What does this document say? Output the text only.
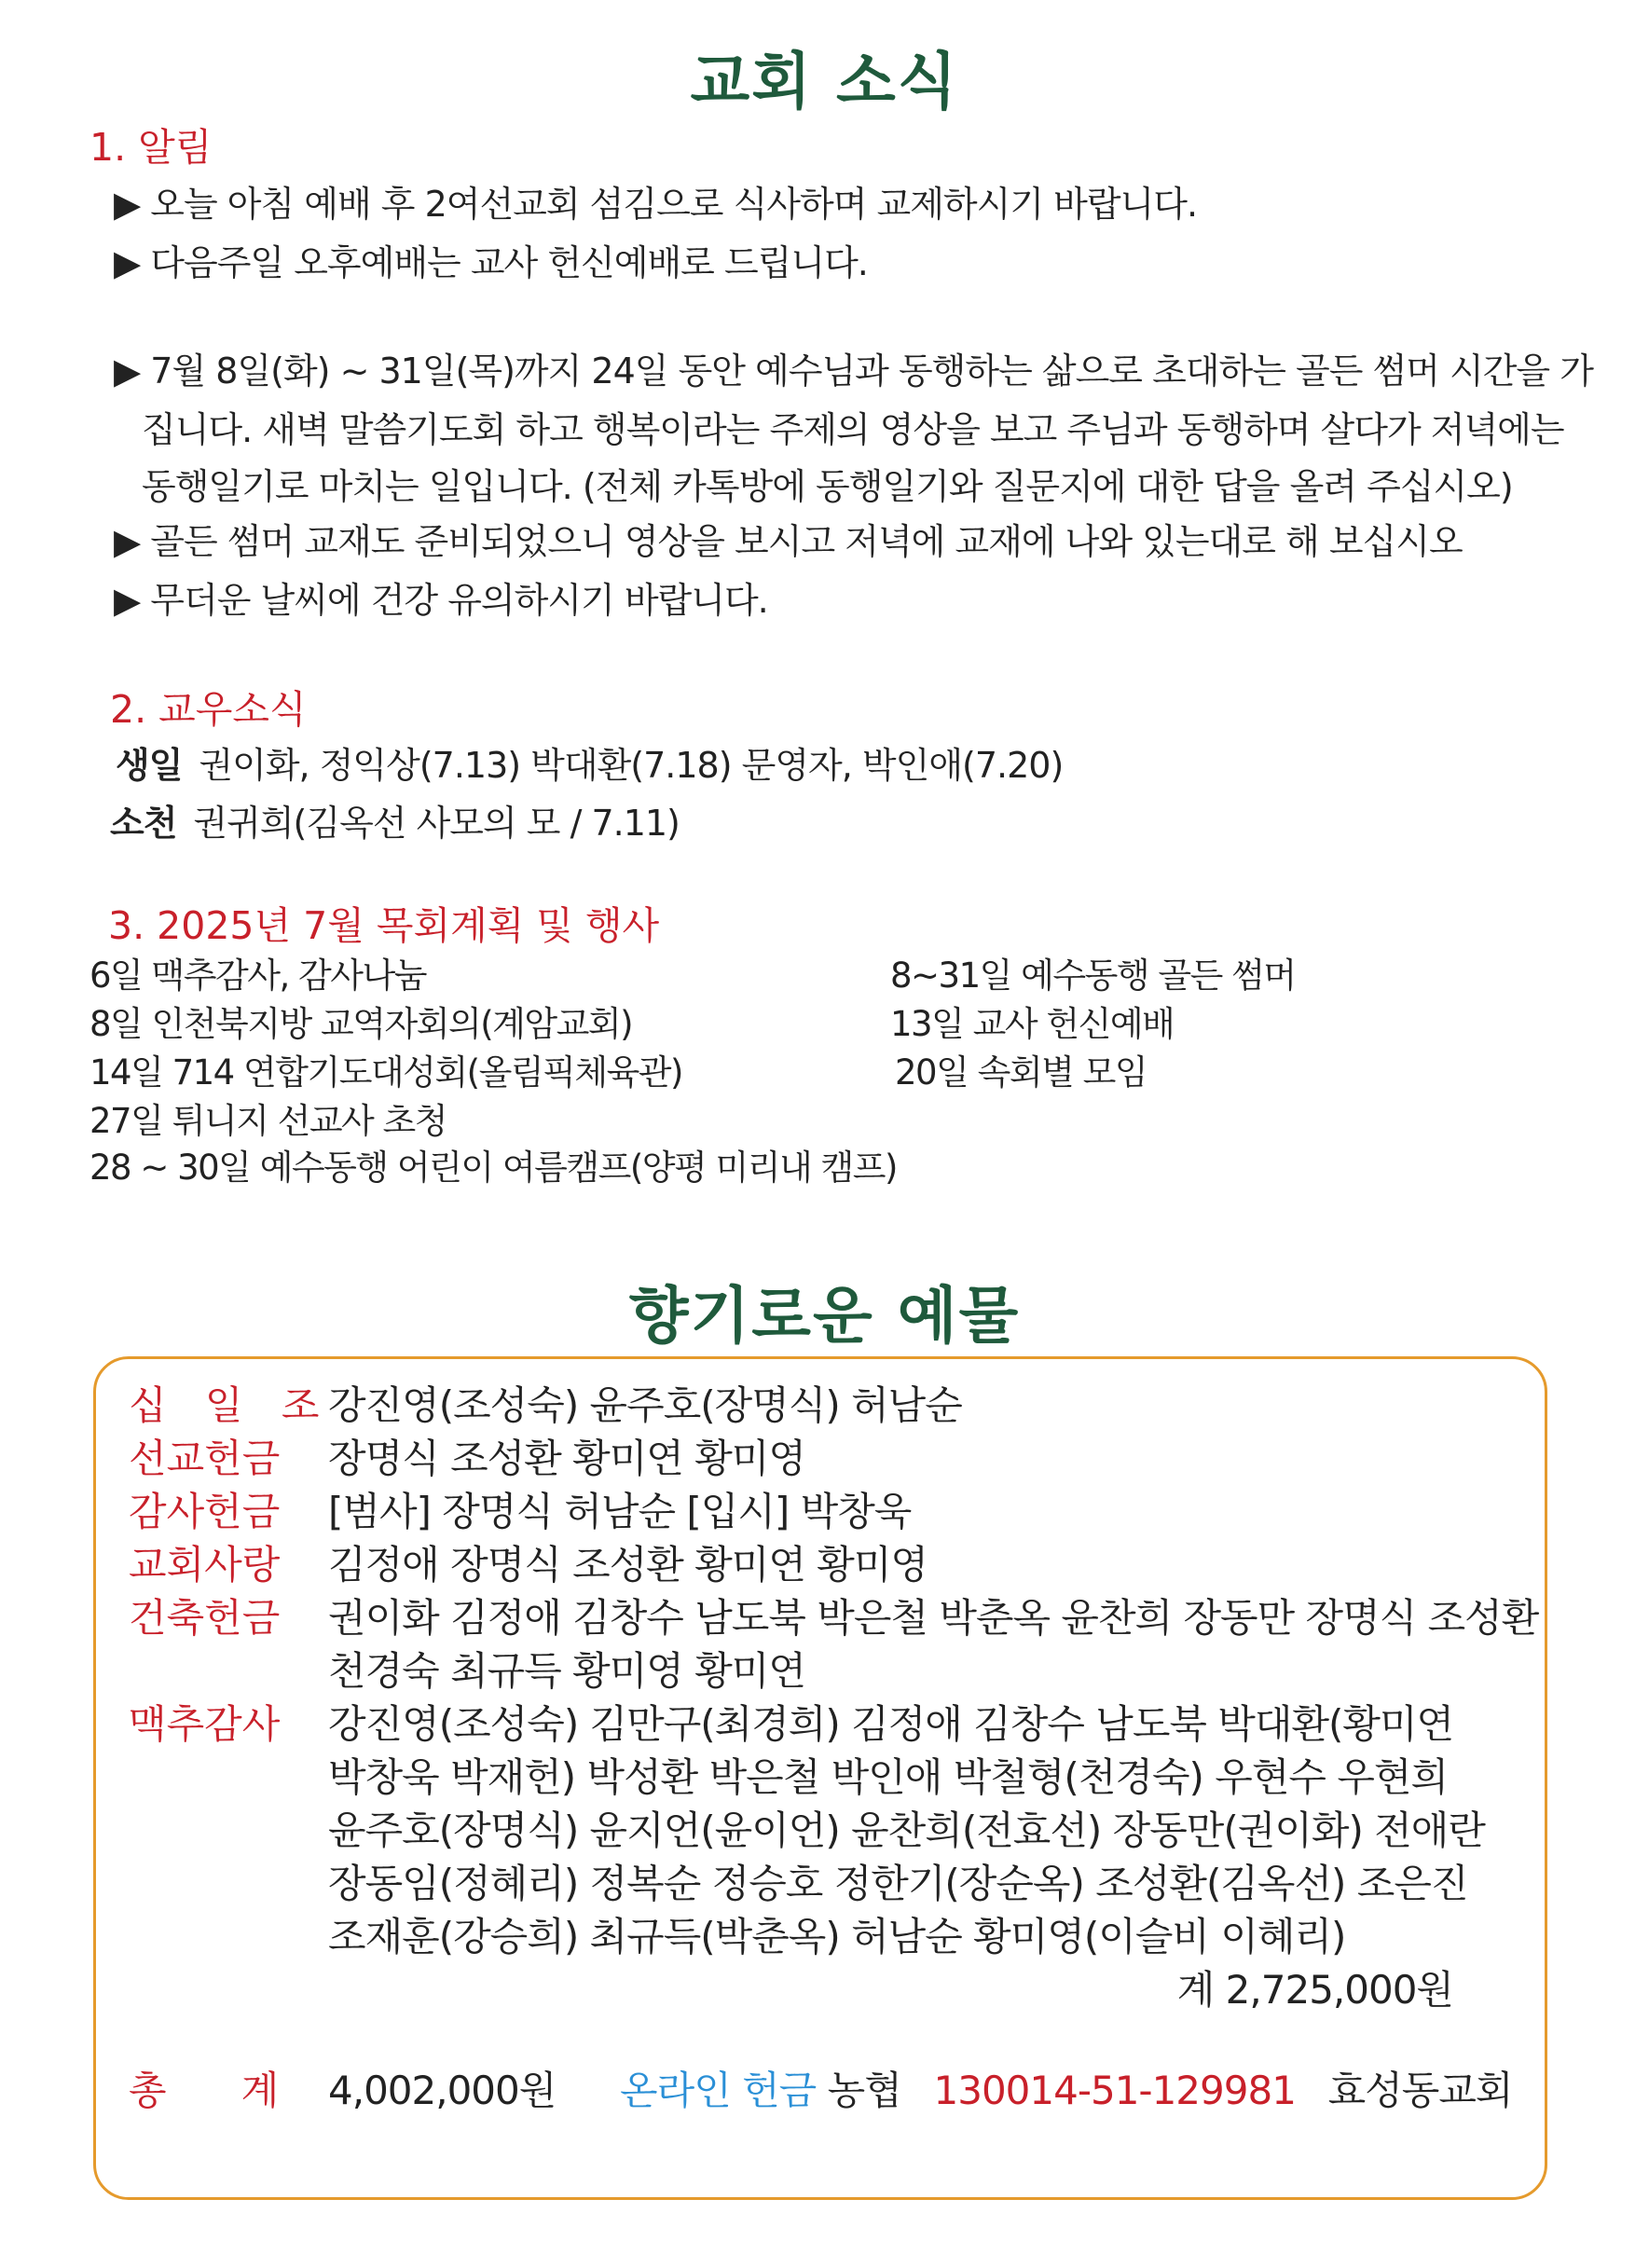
교회 소식
1. 알림
▶ 오늘 아침 예배 후 2여선교회 섬김으로 식사하며 교제하시기 바랍니다.
▶ 다음주일 오후예배는 교사 헌신예배로 드립니다.
▶ 7월 8일(화) ~ 31일(목)까지 24일 동안 예수님과 동행하는 삶으로 초대하는 골든 썸머 시간을 가
집니다. 새벽 말씀기도회 하고 행복이라는 주제의 영상을 보고 주님과 동행하며 살다가 저녁에는
동행일기로 마치는 일입니다. (전체 카톡방에 동행일기와 질문지에 대한 답을 올려 주십시오)
▶ 골든 썸머 교재도 준비되었으니 영상을 보시고 저녁에 교재에 나와 있는대로 해 보십시오
▶ 무더운 날씨에 건강 유의하시기 바랍니다.
2. 교우소식
생일 권이화, 정익상(7.13) 박대환(7.18) 문영자, 박인애(7.20)
소천 권귀희(김옥선 사모의 모 / 7.11)
3. 2025년 7월 목회계획 및 행사
6일 맥추감사, 감사나눔
8일 인천북지방 교역자회의(계암교회)
14일 714 연합기도대성회(올림픽체육관)
27일 튀니지 선교사 초청
28 ~ 30일 예수동행 어린이 여름캠프(양평 미리내 캠프)
8~31일 예수동행 골든 썸머
13일 교사 헌신예배
20일 속회별 모임
향기로운 예물
십 일 조
강진영(조성숙) 윤주호(장명식) 허남순
선교헌금 장명식 조성환 황미연 황미영
감사헌금 [범사] 장명식 허남순 [입시] 박창욱
교회사랑 김정애 장명식 조성환 황미연 황미영
건축헌금 권이화 김정애 김창수 남도북 박은철 박춘옥 윤찬희 장동만 장명식 조성환
천경숙 최규득 황미영 황미연
맥추감사 강진영(조성숙) 김만구(최경희) 김정애 김창수 남도북 박대환(황미연
박창욱 박재헌) 박성환 박은철 박인애 박철형(천경숙) 우현수 우현희
윤주호(장명식) 윤지언(윤이언) 윤찬희(전효선) 장동만(권이화) 전애란
장동임(정혜리) 정복순 정승호 정한기(장순옥) 조성환(김옥선) 조은진
조재훈(강승희) 최규득(박춘옥) 허남순 황미영(이슬비 이혜리)
계 2,725,000원
총      계 4,002,000원 온라인 헌금 농협 130014-51-129981 효성동교회
